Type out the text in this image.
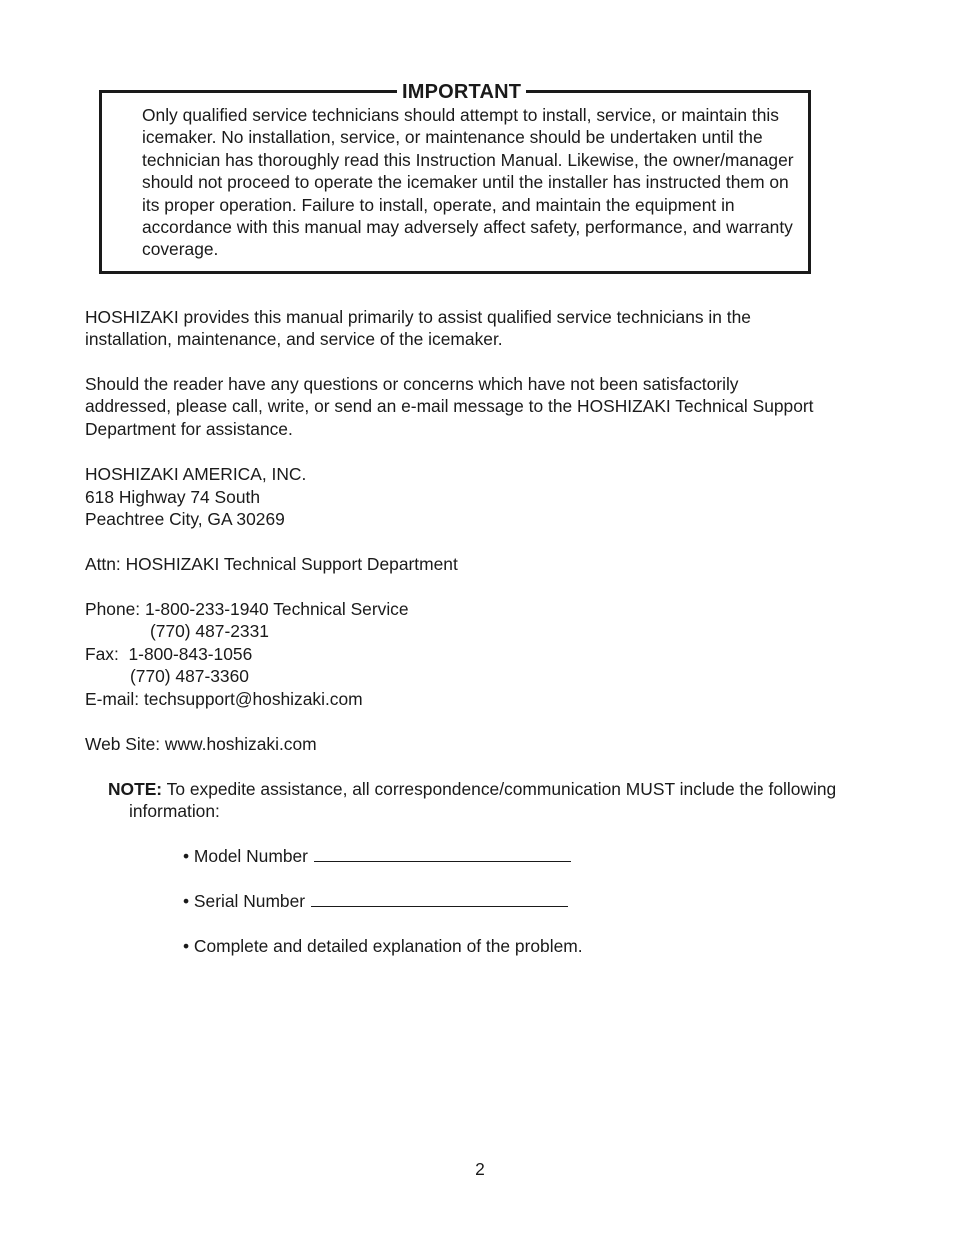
IMPORTANT

Only qualified service technicians should attempt to install, service, or maintain this icemaker. No installation, service, or maintenance should be undertaken until the technician has thoroughly read this Instruction Manual. Likewise, the owner/manager should not proceed to operate the icemaker until the installer has instructed them on its proper operation. Failure to install, operate, and maintain the equipment in accordance with this manual may adversely affect safety, performance, and warranty coverage.

HOSHIZAKI provides this manual primarily to assist qualified service technicians in the installation, maintenance, and service of the icemaker.

Should the reader have any questions or concerns which have not been satisfactorily addressed, please call, write, or send an e-mail message to the HOSHIZAKI Technical Support Department for assistance.

HOSHIZAKI AMERICA, INC.

618 Highway 74 South

Peachtree City, GA 30269

Attn: HOSHIZAKI Technical Support Department

Phone: 1-800-233-1940 Technical Service

(770) 487-2331

Fax:  1-800-843-1056

(770) 487-3360

E-mail: techsupport@hoshizaki.com

Web Site: www.hoshizaki.com

NOTE: To expedite assistance, all correspondence/communication MUST include the following information:

• Model Number

• Serial Number

• Complete and detailed explanation of the problem.

2
